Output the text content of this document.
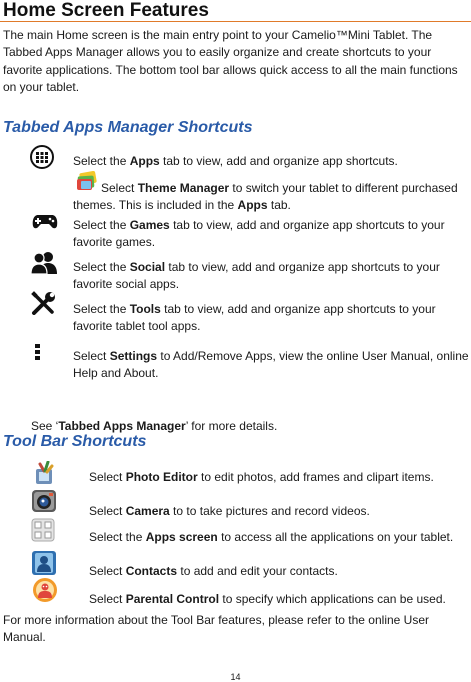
Home Screen Features
The main Home screen is the main entry point to your Camelio™Mini Tablet. The Tabbed Apps Manager allows you to easily organize and create shortcuts to your favorite applications. The bottom tool bar allows quick access to all the main functions on your tablet.
Tabbed Apps Manager Shortcuts
Select the Apps tab to view, add and organize app shortcuts.
Select Theme Manager to switch your tablet to different purchased themes. This is included in the Apps tab.
Select the Games tab to view, add and organize app shortcuts to your favorite games.
Select the Social tab to view, add and organize app shortcuts to your favorite social apps.
Select the Tools tab to view, add and organize app shortcuts to your favorite tablet tool apps.
Select Settings to Add/Remove Apps, view the online User Manual, online Help and About.
See ‘Tabbed Apps Manager’ for more details.
Tool Bar Shortcuts
Select Photo Editor to edit photos, add frames and clipart items.
Select Camera to to take pictures and record videos.
Select the Apps screen to access all the applications on your tablet.
Select Contacts to add and edit your contacts.
Select Parental Control to specify which applications can be used.
For more information about the Tool Bar features, please refer to the online User Manual.
14
